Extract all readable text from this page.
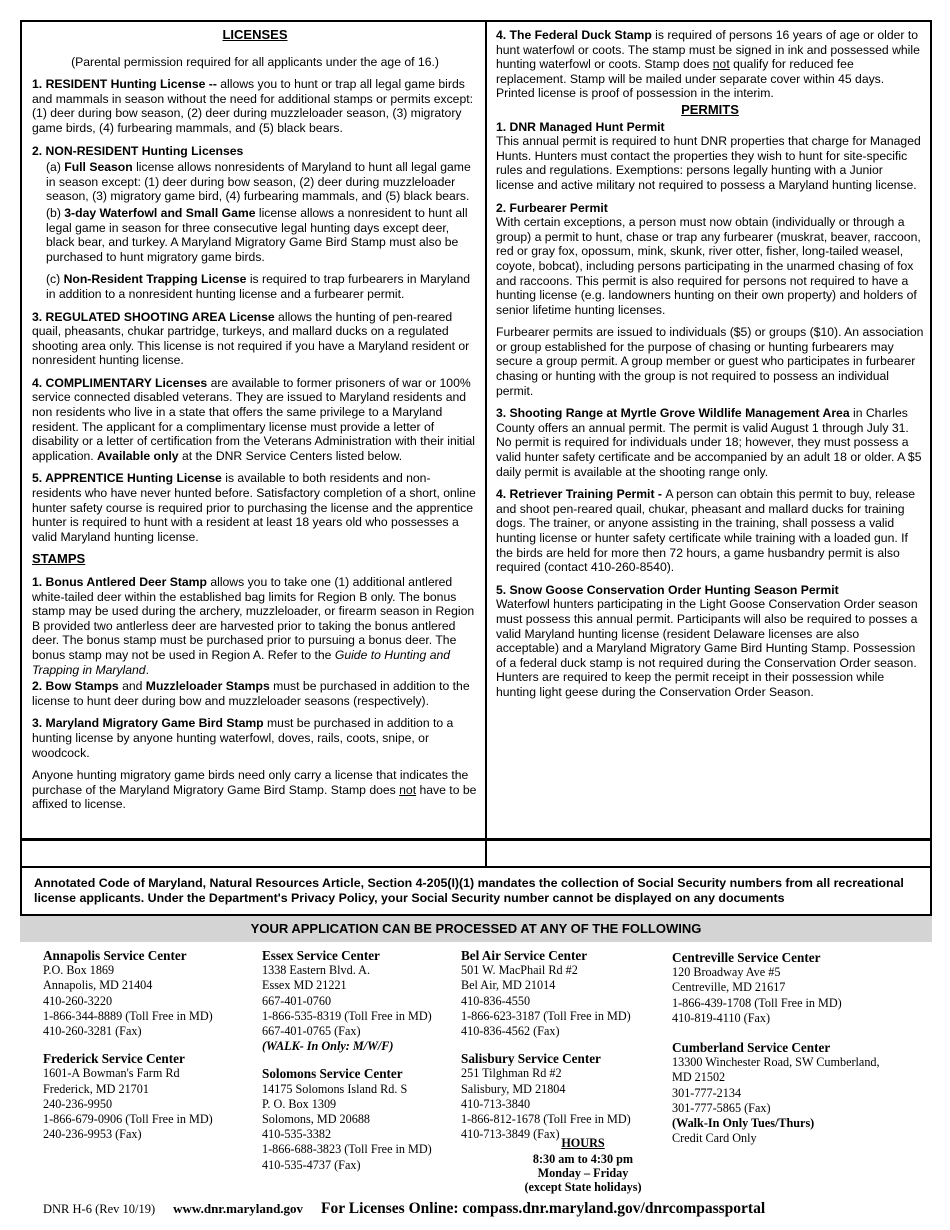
LICENSES

(Parental permission required for all applicants under the age of 16.)

1. RESIDENT Hunting License -- allows you to hunt or trap all legal game birds and mammals in season without the need for additional stamps or permits except: (1) deer during bow season, (2) deer during muzzleloader season, (3) migratory game birds, (4) furbearing mammals, and (5) black bears.

2. NON-RESIDENT Hunting Licenses

(a) Full Season license allows nonresidents of Maryland to hunt all legal game in season except: (1) deer during bow season, (2) deer during muzzleloader season, (3) migratory game bird, (4) furbearing mammals, and (5) black bears.

(b) 3-day Waterfowl and Small Game license allows a nonresident to hunt all legal game in season for three consecutive legal hunting days except deer, black bear, and turkey. A Maryland Migratory Game Bird Stamp must also be purchased to hunt migratory game birds.

(c) Non-Resident Trapping License is required to trap furbearers in Maryland in addition to a nonresident hunting license and a furbearer permit.

3. REGULATED SHOOTING AREA License allows the hunting of pen-reared quail, pheasants, chukar partridge, turkeys, and mallard ducks on a regulated shooting area only. This license is not required if you have a Maryland resident or nonresident hunting license.

4. COMPLIMENTARY Licenses are available to former prisoners of war or 100% service connected disabled veterans. They are issued to Maryland residents and non residents who live in a state that offers the same privilege to a Maryland resident. The applicant for a complimentary license must provide a letter of disability or a letter of certification from the Veterans Administration with their initial application. Available only at the DNR Service Centers listed below.

5. APPRENTICE Hunting License is available to both residents and non-residents who have never hunted before. Satisfactory completion of a short, online hunter safety course is required prior to purchasing the license and the apprentice hunter is required to hunt with a resident at least 18 years old who possesses a valid Maryland hunting license.

STAMPS

1. Bonus Antlered Deer Stamp allows you to take one (1) additional antlered white-tailed deer within the established bag limits for Region B only. The bonus stamp may be used during the archery, muzzleloader, or firearm season in Region B provided two antlerless deer are harvested prior to taking the bonus antlered deer. The bonus stamp must be purchased prior to pursuing a bonus deer. The bonus stamp may not be used in Region A. Refer to the Guide to Hunting and Trapping in Maryland.

2. Bow Stamps and Muzzleloader Stamps must be purchased in addition to the license to hunt deer during bow and muzzleloader seasons (respectively).

3. Maryland Migratory Game Bird Stamp must be purchased in addition to a hunting license by anyone hunting waterfowl, doves, rails, coots, snipe, or woodcock.

Anyone hunting migratory game birds need only carry a license that indicates the purchase of the Maryland Migratory Game Bird Stamp. Stamp does not have to be affixed to license.

4. The Federal Duck Stamp is required of persons 16 years of age or older to hunt waterfowl or coots. The stamp must be signed in ink and possessed while hunting waterfowl or coots. Stamp does not qualify for reduced fee replacement. Stamp will be mailed under separate cover within 45 days. Printed license is proof of possession in the interim.

PERMITS

1. DNR Managed Hunt Permit
This annual permit is required to hunt DNR properties that charge for Managed Hunts. Hunters must contact the properties they wish to hunt for site-specific rules and regulations. Exemptions: persons legally hunting with a Junior license and active military not required to possess a Maryland hunting license.

2. Furbearer Permit
With certain exceptions, a person must now obtain (individually or through a group) a permit to hunt, chase or trap any furbearer (muskrat, beaver, raccoon, red or gray fox, opossum, mink, skunk, river otter, fisher, long-tailed weasel, coyote, bobcat), including persons participating in the unarmed chasing of fox and raccoons. This permit is also required for persons not required to have a hunting license (e.g. landowners hunting on their own property) and holders of senior lifetime hunting licenses.

Furbearer permits are issued to individuals ($5) or groups ($10). An association or group established for the purpose of chasing or hunting furbearers may secure a group permit. A group member or guest who participates in furbearer chasing or hunting with the group is not required to possess an individual permit.

3. Shooting Range at Myrtle Grove Wildlife Management Area in Charles County offers an annual permit. The permit is valid August 1 through July 31. No permit is required for individuals under 18; however, they must possess a valid hunter safety certificate and be accompanied by an adult 18 or older. A $5 daily permit is available at the shooting range only.

4. Retriever Training Permit - A person can obtain this permit to buy, release and shoot pen-reared quail, chukar, pheasant and mallard ducks for training dogs. The trainer, or anyone assisting in the training, shall possess a valid hunting license or hunter safety certificate while training with a loaded gun. If the birds are held for more then 72 hours, a game husbandry permit is also required (contact 410-260-8540).

5. Snow Goose Conservation Order Hunting Season Permit
Waterfowl hunters participating in the Light Goose Conservation Order season must possess this annual permit. Participants will also be required to posses a valid Maryland hunting license (resident Delaware licenses are also acceptable) and a Maryland Migratory Game Bird Hunting Stamp. Possession of a federal duck stamp is not required during the Conservation Order season. Hunters are required to keep the permit receipt in their possession while hunting light geese during the Conservation Order Season.

Annotated Code of Maryland, Natural Resources Article, Section 4-205(I)(1) mandates the collection of Social Security numbers from all recreational license applicants. Under the Department's Privacy Policy, your Social Security number cannot be displayed on any documents
YOUR APPLICATION CAN BE PROCESSED AT ANY OF THE FOLLOWING
Annapolis Service Center
P.O. Box 1869
Annapolis, MD 21404
410-260-3220
1-866-344-8889 (Toll Free in MD)
410-260-3281 (Fax)
Frederick Service Center
1601-A Bowman's Farm Rd
Frederick, MD 21701
240-236-9950
1-866-679-0906 (Toll Free in MD)
240-236-9953 (Fax)
Essex Service Center
1338 Eastern Blvd. A.
Essex MD 21221
667-401-0760
1-866-535-8319 (Toll Free in MD)
667-401-0765 (Fax)
(WALK- In Only: M/W/F)
Solomons Service Center
14175 Solomons Island Rd. S
P. O. Box 1309
Solomons, MD 20688
410-535-3382
1-866-688-3823 (Toll Free in MD)
410-535-4737 (Fax)
Bel Air Service Center
501 W. MacPhail Rd #2
Bel Air, MD 21014
410-836-4550
1-866-623-3187 (Toll Free in MD)
410-836-4562 (Fax)
Salisbury Service Center
251 Tilghman Rd #2
Salisbury, MD 21804
410-713-3840
1-866-812-1678 (Toll Free in MD)
410-713-3849 (Fax)
Centreville Service Center
120 Broadway Ave #5
Centreville, MD 21617
1-866-439-1708 (Toll Free in MD)
410-819-4110 (Fax)
Cumberland Service Center
13300 Winchester Road, SW Cumberland,
MD 21502
301-777-2134
301-777-5865 (Fax)
(Walk-In Only Tues/Thurs)
Credit Card Only
HOURS
8:30 am to 4:30 pm
Monday – Friday
(except State holidays)
DNR H-6 (Rev 10/19) www.dnr.maryland.gov For Licenses Online: compass.dnr.maryland.gov/dnrcompassportal
